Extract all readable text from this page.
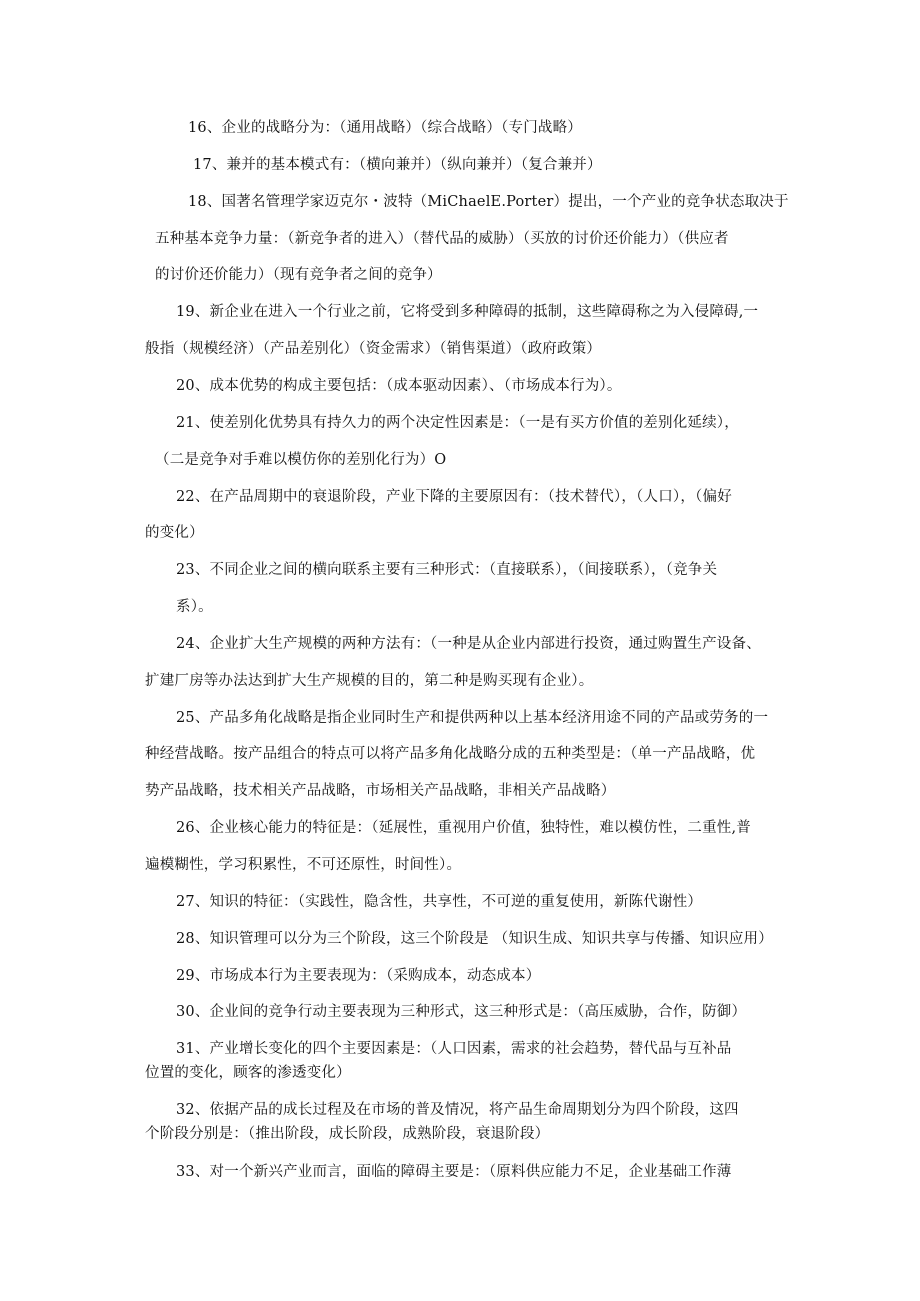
16、企业的战略分为：（通用战略）（综合战略）（专门战略）
17、兼并的基本模式有：（横向兼并）（纵向兼并）（复合兼并）
18、国著名管理学家迈克尔・波特（MiChaelE.Porter）提出，一个产业的竞争状态取决于
五种基本竞争力量：（新竞争者的进入）（替代品的威胁）（买放的讨价还价能力）（供应者
的讨价还价能力）（现有竞争者之间的竞争）
19、新企业在进入一个行业之前，它将受到多种障碍的抵制，这些障碍称之为入侵障碍,一
般指（规模经济）（产品差别化）（资金需求）（销售渠道）（政府政策）
20、成本优势的构成主要包括：（成本驱动因素）、（市场成本行为）。
21、使差别化优势具有持久力的两个决定性因素是：（一是有买方价值的差别化延续），
（二是竞争对手难以模仿你的差别化行为）O
22、在产品周期中的衰退阶段，产业下降的主要原因有：（技术替代），（人口），（偏好
的变化）
23、不同企业之间的横向联系主要有三种形式：（直接联系），（间接联系），（竞争关
系）。
24、企业扩大生产规模的两种方法有：（一种是从企业内部进行投资，通过购置生产设备、
扩建厂房等办法达到扩大生产规模的目的，第二种是购买现有企业）。
25、产品多角化战略是指企业同时生产和提供两种以上基本经济用途不同的产品或劳务的一
种经营战略。按产品组合的特点可以将产品多角化战略分成的五种类型是：（单一产品战略，优
势产品战略，技术相关产品战略，市场相关产品战略，非相关产品战略）
26、企业核心能力的特征是：（延展性，重视用户价值，独特性，难以模仿性，二重性,普
遍模糊性，学习积累性，不可还原性，时间性）。
27、知识的特征：（实践性，隐含性，共享性，不可逆的重复使用，新陈代谢性）
28、知识管理可以分为三个阶段，这三个阶段是 （知识生成、知识共享与传播、知识应用）
29、市场成本行为主要表现为：（采购成本，动态成本）
30、企业间的竞争行动主要表现为三种形式，这三种形式是：（高压威胁，合作，防御）
31、产业增长变化的四个主要因素是：（人口因素，需求的社会趋势，替代品与互补品
位置的变化，顾客的渗透变化）
32、依据产品的成长过程及在市场的普及情况，将产品生命周期划分为四个阶段，这四
个阶段分别是：（推出阶段，成长阶段，成熟阶段，衰退阶段）
33、对一个新兴产业而言，面临的障碍主要是：（原料供应能力不足，企业基础工作薄
